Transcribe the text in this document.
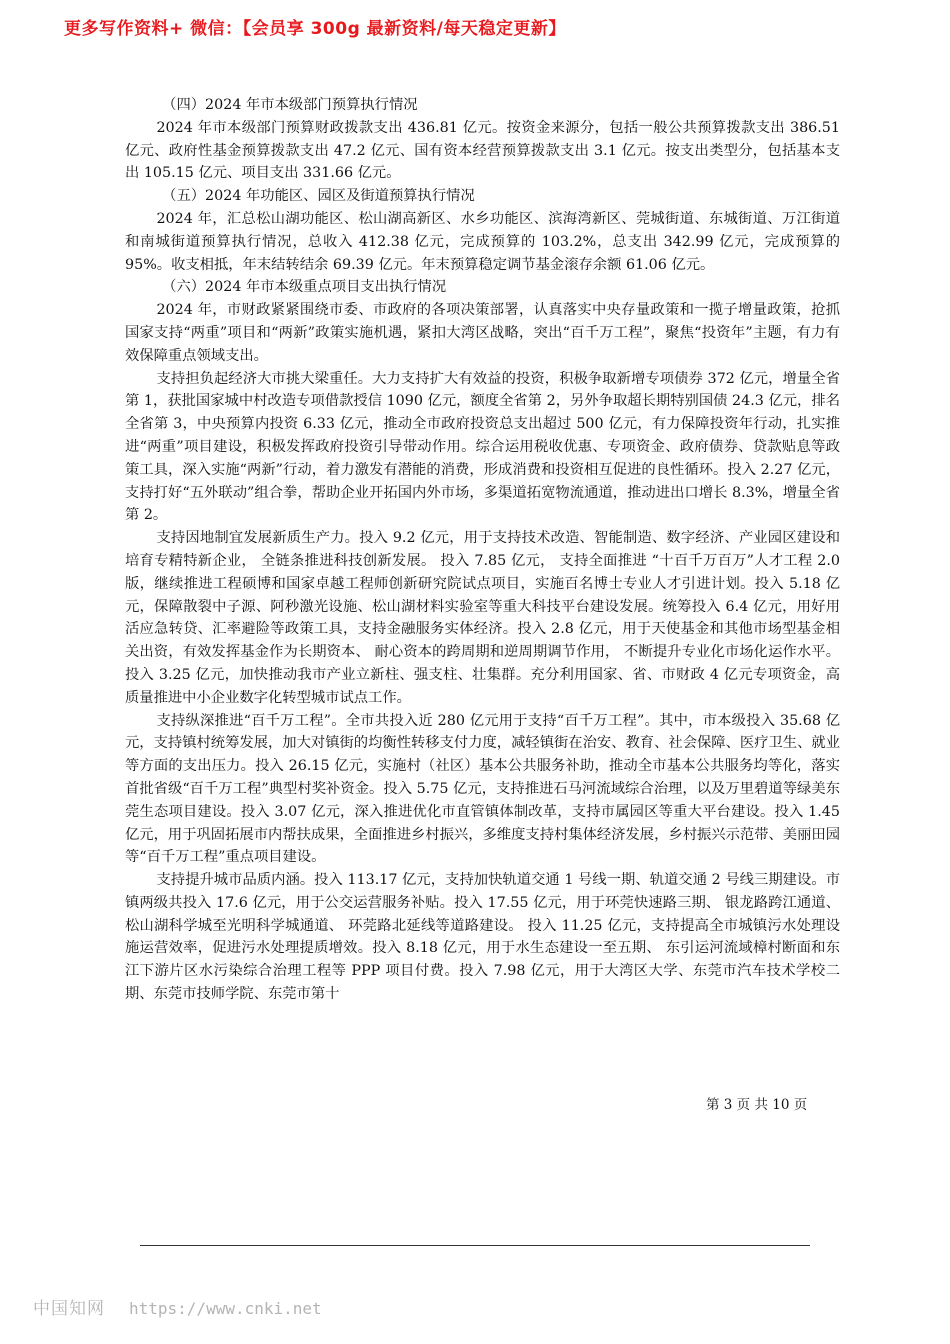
更多写作资料+ 微信：【会员享 300g 最新资料/每天稳定更新】

（四）2024 年市本级部门预算执行情况

2024 年市本级部门预算财政拨款支出 436.81 亿元。按资金来源分，包括一般公共预算拨款支出 386.51 亿元、政府性基金预算拨款支出 47.2 亿元、国有资本经营预算拨款支出 3.1 亿元。按支出类型分，包括基本支出 105.15 亿元、项目支出 331.66 亿元。

（五）2024 年功能区、园区及街道预算执行情况

2024 年，汇总松山湖功能区、松山湖高新区、水乡功能区、滨海湾新区、莞城街道、东城街道、万江街道和南城街道预算执行情况，总收入 412.38 亿元，完成预算的 103.2%，总支出 342.99 亿元，完成预算的 95%。收支相抵，年末结转结余 69.39 亿元。年末预算稳定调节基金滚存余额 61.06 亿元。

（六）2024 年市本级重点项目支出执行情况

2024 年，市财政紧紧围绕市委、市政府的各项决策部署，认真落实中央存量政策和一揽子增量政策，抢抓国家支持“两重”项目和“两新”政策实施机遇，紧扣大湾区战略，突出“百千万工程”，聚焦“投资年”主题，有力有效保障重点领域支出。

支持担负起经济大市挑大梁重任。大力支持扩大有效益的投资，积极争取新增专项债券 372 亿元，增量全省第 1，获批国家城中村改造专项借款授信 1090 亿元，额度全省第 2，另外争取超长期特别国债 24.3 亿元，排名全省第 3，中央预算内投资 6.33 亿元，推动全市政府投资总支出超过 500 亿元，有力保障投资年行动，扎实推进“两重”项目建设，积极发挥政府投资引导带动作用。综合运用税收优惠、专项资金、政府债券、贷款贴息等政策工具，深入实施“两新”行动，着力激发有潜能的消费，形成消费和投资相互促进的良性循环。投入 2.27 亿元，支持打好“五外联动”组合拳，帮助企业开拓国内外市场，多渠道拓宽物流通道，推动进出口增长 8.3%，增量全省第 2。

支持因地制宜发展新质生产力。投入 9.2 亿元，用于支持技术改造、智能制造、数字经济、产业园区建设和培育专精特新企业， 全链条推进科技创新发展。 投入 7.85 亿元， 支持全面推进 “十百千万百万”人才工程 2.0 版，继续推进工程硕博和国家卓越工程师创新研究院试点项目，实施百名博士专业人才引进计划。投入 5.18 亿元，保障散裂中子源、阿秒激光设施、松山湖材料实验室等重大科技平台建设发展。统筹投入 6.4 亿元，用好用活应急转贷、汇率避险等政策工具，支持金融服务实体经济。投入 2.8 亿元，用于天使基金和其他市场型基金相关出资，有效发挥基金作为长期资本、 耐心资本的跨周期和逆周期调节作用， 不断提升专业化市场化运作水平。 投入 3.25 亿元，加快推动我市产业立新柱、强支柱、壮集群。充分利用国家、省、市财政 4 亿元专项资金，高质量推进中小企业数字化转型城市试点工作。

支持纵深推进“百千万工程”。全市共投入近 280 亿元用于支持“百千万工程”。其中，市本级投入 35.68 亿元，支持镇村统筹发展，加大对镇街的均衡性转移支付力度，减轻镇街在治安、教育、社会保障、医疗卫生、就业等方面的支出压力。投入 26.15 亿元，实施村（社区）基本公共服务补助，推动全市基本公共服务均等化，落实首批省级“百千万工程”典型村奖补资金。投入 5.75 亿元，支持推进石马河流域综合治理，以及万里碧道等绿美东莞生态项目建设。投入 3.07 亿元，深入推进优化市直管镇体制改革，支持市属园区等重大平台建设。投入 1.45 亿元，用于巩固拓展市内帮扶成果，全面推进乡村振兴，多维度支持村集体经济发展，乡村振兴示范带、美丽田园等“百千万工程”重点项目建设。

支持提升城市品质内涵。投入 113.17 亿元，支持加快轨道交通 1 号线一期、轨道交通 2 号线三期建设。市镇两级共投入 17.6 亿元，用于公交运营服务补贴。投入 17.55 亿元，用于环莞快速路三期、 银龙路跨江通道、 松山湖科学城至光明科学城通道、 环莞路北延线等道路建设。 投入 11.25 亿元，支持提高全市城镇污水处理设施运营效率，促进污水处理提质增效。投入 8.18 亿元，用于水生态建设一至五期、 东引运河流域樟村断面和东江下游片区水污染综合治理工程等 PPP 项目付费。投入 7.98 亿元，用于大湾区大学、东莞市汽车技术学校二期、东莞市技师学院、东莞市第十

第 3 页 共 10 页
中国知网 https://www.cnki.net
